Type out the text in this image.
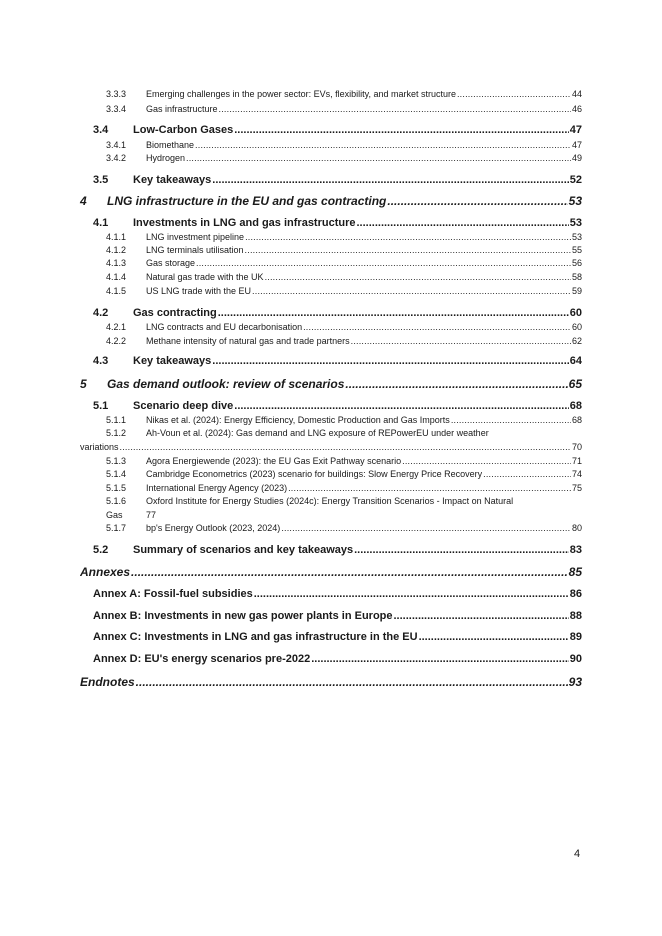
3.3.3	Emerging challenges in the power sector: EVs, flexibility, and market structure .....	44
3.3.4	Gas infrastructure .....	46
3.4	Low-Carbon Gases .....	47
3.4.1	Biomethane .....	47
3.4.2	Hydrogen .....	49
3.5	Key takeaways .....	52
4	LNG infrastructure in the EU and gas contracting .....	53
4.1	Investments in LNG and gas infrastructure .....	53
4.1.1	LNG investment pipeline .....	53
4.1.2	LNG terminals utilisation .....	55
4.1.3	Gas storage .....	56
4.1.4	Natural gas trade with the UK .....	58
4.1.5	US LNG trade with the EU .....	59
4.2	Gas contracting .....	60
4.2.1	LNG contracts and EU decarbonisation .....	60
4.2.2	Methane intensity of natural gas and trade partners .....	62
4.3	Key takeaways .....	64
5	Gas demand outlook: review of scenarios .....	65
5.1	Scenario deep dive .....	68
5.1.1	Nikas et al. (2024): Energy Efficiency, Domestic Production and Gas Imports .....	68
5.1.2	Ah-Voun et al. (2024): Gas demand and LNG exposure of REPowerEU under weather
variations .....	70
5.1.3	Agora Energiewende (2023): the EU Gas Exit Pathway scenario .....	71
5.1.4	Cambridge Econometrics (2023) scenario for buildings: Slow Energy Price Recovery .....	74
5.1.5	International Energy Agency (2023) .....	75
5.1.6	Oxford Institute for Energy Studies (2024c): Energy Transition Scenarios - Impact on Natural
Gas	77
5.1.7	bp's Energy Outlook (2023, 2024) .....	80
5.2	Summary of scenarios and key takeaways .....	83
Annexes .....	85
Annex A: Fossil-fuel subsidies .....	86
Annex B: Investments in new gas power plants in Europe .....	88
Annex C: Investments in LNG and gas infrastructure in the EU .....	89
Annex D: EU's energy scenarios pre-2022 .....	90
Endnotes .....	93
4
